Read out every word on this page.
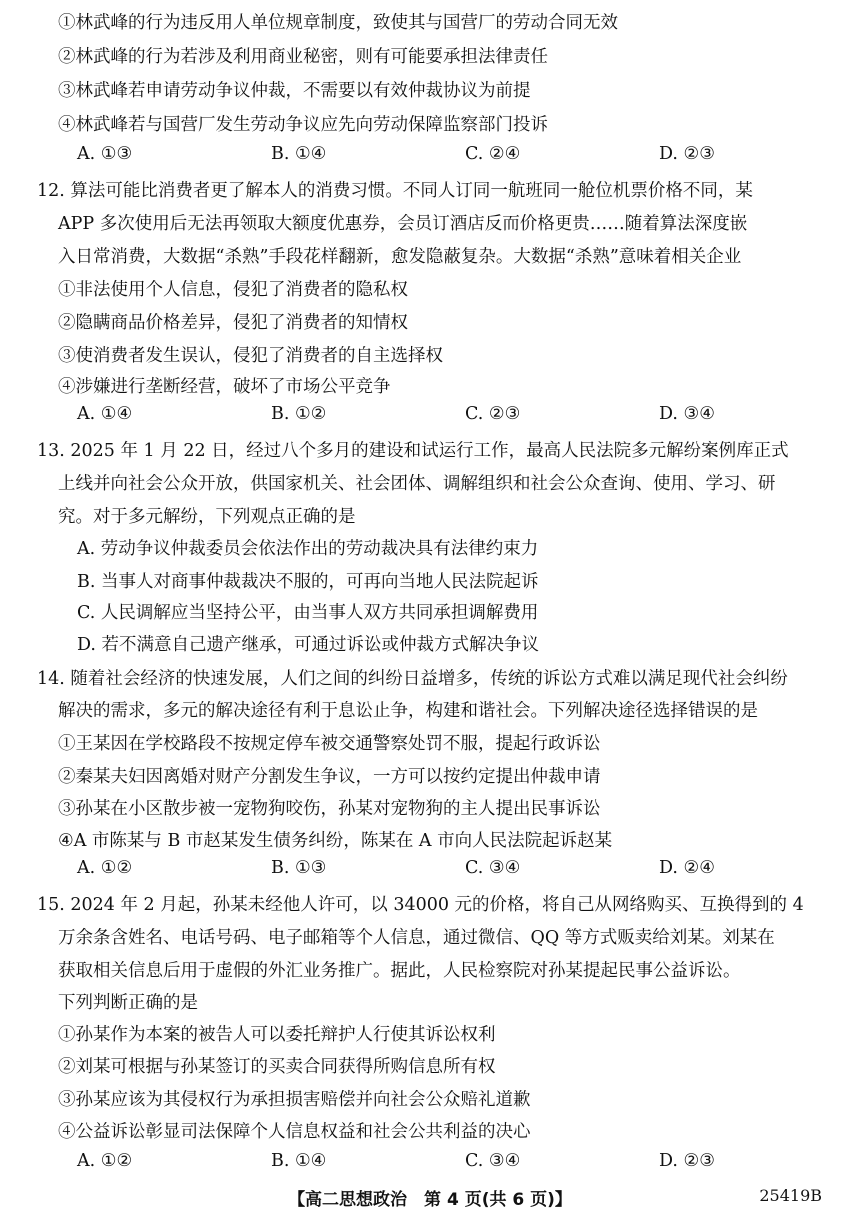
①林武峰的行为违反用人单位规章制度，致使其与国营厂的劳动合同无效
②林武峰的行为若涉及利用商业秘密，则有可能要承担法律责任
③林武峰若申请劳动争议仲裁，不需要以有效仲裁协议为前提
④林武峰若与国营厂发生劳动争议应先向劳动保障监察部门投诉
A. ①③	B. ①④	C. ②④	D. ②③
12. 算法可能比消费者更了解本人的消费习惯。不同人订同一航班同一舱位机票价格不同，某
APP 多次使用后无法再领取大额度优惠券，会员订酒店反而价格更贵……随着算法深度嵌
入日常消费，大数据“杀熟”手段花样翻新，愈发隐蔽复杂。大数据“杀熟”意味着相关企业
①非法使用个人信息，侵犯了消费者的隐私权
②隐瞒商品价格差异，侵犯了消费者的知情权
③使消费者发生误认，侵犯了消费者的自主选择权
④涉嫌进行垄断经营，破坏了市场公平竞争
A. ①④	B. ①②	C. ②③	D. ③④
13. 2025 年 1 月 22 日，经过八个多月的建设和试运行工作，最高人民法院多元解纷案例库正式
上线并向社会公众开放，供国家机关、社会团体、调解组织和社会公众查询、使用、学习、研
究。对于多元解纷，下列观点正确的是
A. 劳动争议仲裁委员会依法作出的劳动裁决具有法律约束力
B. 当事人对商事仲裁裁决不服的，可再向当地人民法院起诉
C. 人民调解应当坚持公平，由当事人双方共同承担调解费用
D. 若不满意自己遗产继承，可通过诉讼或仲裁方式解决争议
14. 随着社会经济的快速发展，人们之间的纠纷日益增多，传统的诉讼方式难以满足现代社会纠纷
解决的需求，多元的解决途径有利于息讼止争，构建和谐社会。下列解决途径选择错误的是
①王某因在学校路段不按规定停车被交通警察处罚不服，提起行政诉讼
②秦某夫妇因离婚对财产分割发生争议，一方可以按约定提出仲裁申请
③孙某在小区散步被一宠物狗咬伤，孙某对宠物狗的主人提出民事诉讼
④A 市陈某与 B 市赵某发生债务纠纷，陈某在 A 市向人民法院起诉赵某
A. ①②	B. ①③	C. ③④	D. ②④
15. 2024 年 2 月起，孙某未经他人许可，以 34000 元的价格，将自己从网络购买、互换得到的 4
万余条含姓名、电话号码、电子邮箱等个人信息，通过微信、QQ 等方式贩卖给刘某。刘某在
获取相关信息后用于虚假的外汇业务推广。据此，人民检察院对孙某提起民事公益诉讼。
下列判断正确的是
①孙某作为本案的被告人可以委托辩护人行使其诉讼权利
②刘某可根据与孙某签订的买卖合同获得所购信息所有权
③孙某应该为其侵权行为承担损害赔偿并向社会公众赔礼道歉
④公益诉讼彰显司法保障个人信息权益和社会公共利益的决心
A. ①②	B. ①④	C. ③④	D. ②③
【高二思想政治　第 4 页(共 6 页)】	25419B
